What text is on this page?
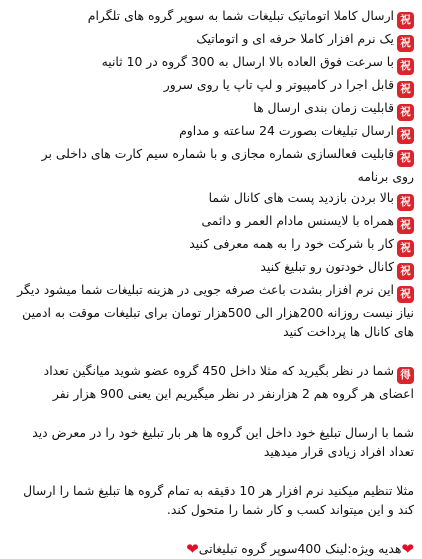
祝ارسال کاملا اتوماتیک تبلیغات شما به سوپر گروه های تلگرام
祝یک نرم افزار کاملا حرفه ای و اتوماتیک
祝با سرعت فوق العاده بالا ارسال به 300 گروه در 10 ثانیه
祝قابل اجرا در کامپیوتر و لپ تاپ یا روی سرور
祝قابلیت زمان بندی ارسال ها
祝ارسال تبلیغات بصورت 24 ساعته و مداوم
祝قابلیت فعالسازی شماره مجازی و با شماره سیم کارت های داخلی بر
روی برنامه
祝بالا بردن بازدید پست های کانال شما
祝همراه با لایسنس مادام العمر و دائمی
祝کار با شرکت خود را به همه معرفی کنید
祝کانال خودتون رو تبلیغ کنید
祝این نرم افزار بشدت باعث صرفه جویی در هزینه تبلیغات شما میشود دیگر
نیاز نیست روزانه 200هزار الی 500هزار تومان برای تبلیغات موقت به ادمین
های کانال ها پرداخت کنید
得شما در نظر بگیرید که مثلا داخل 450 گروه عضو شوید میانگین تعداد
اعضای هر گروه هم 2 هزارنفر در نظر میگیریم این یعنی 900 هزار نفر
شما با ارسال تبلیغ خود داخل این گروه ها هر بار تبلیغ خود را در معرض دید
تعداد افراد زیادی قرار میدهید
مثلا تنظیم میکنید نرم افزار هر 10 دقیقه به تمام گروه ها تبلیغ شما را ارسال
کند و این میتواند کسب و کار شما را متحول کند.
❤هدیه ویژه:لینک 400سوپر گروه تبلیغاتی❤
